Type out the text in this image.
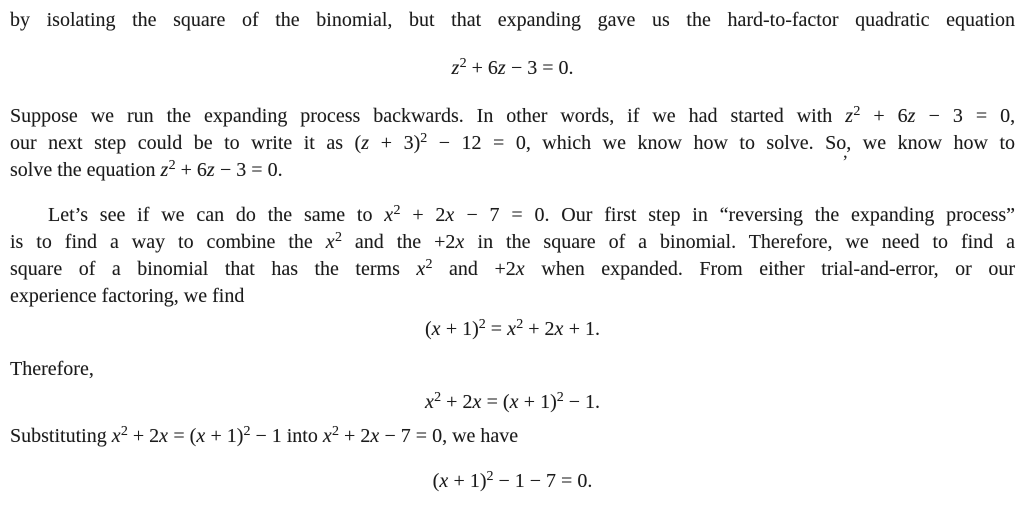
by isolating the square of the binomial, but that expanding gave us the hard-to-factor quadratic equation
$z^2 + 6z - 3 = 0$.
Suppose we run the expanding process backwards. In other words, if we had started with $z^2 + 6z - 3 = 0$,
our next step could be to write it as $(z + 3)^2 - 12 = 0$, which we know how to solve. So, we know how to
solve the equation $z^2 + 6z - 3 = 0$.
Let’s see if we can do the same to $x^2 + 2x - 7 = 0$. Our first step in “reversing the expanding process”
is to find a way to combine the $x^2$ and the +2x in the square of a binomial. Therefore, we need to find a
square of a binomial that has the terms $x^2$ and +2x when expanded. From either trial-and-error, or our
experience factoring, we find
$(x + 1)^2 = x^2 + 2x + 1$.
Therefore,
$x^2 + 2x = (x + 1)^2 - 1$.
Substituting $x^2 + 2x = (x + 1)^2 - 1$ into $x^2 + 2x - 7 = 0$, we have
$(x + 1)^2 - 1 - 7 = 0$.
’
